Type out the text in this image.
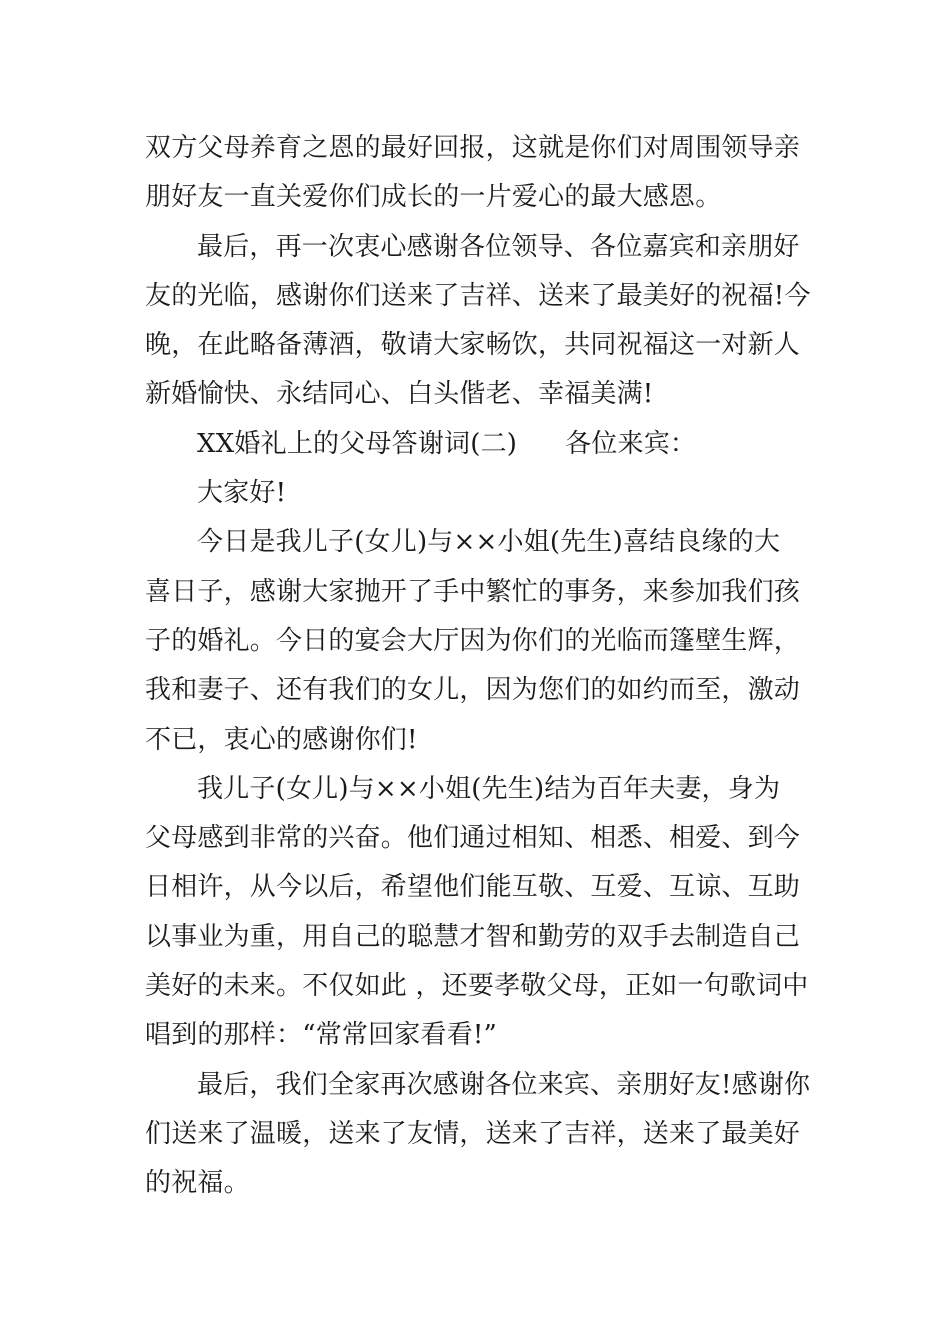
双方父母养育之恩的最好回报，这就是你们对周围领导亲
朋好友一直关爱你们成长的一片爱心的最大感恩。
最后，再一次衷心感谢各位领导、各位嘉宾和亲朋好
友的光临，感谢你们送来了吉祥、送来了最美好的祝福!今
晚，在此略备薄酒，敬请大家畅饮，共同祝福这一对新人
新婚愉快、永结同心、白头偕老、幸福美满!
XX婚礼上的父母答谢词(二) 各位来宾：
大家好!
今日是我儿子(女儿)与××小姐(先生)喜结良缘的大
喜日子，感谢大家抛开了手中繁忙的事务，来参加我们孩
子的婚礼。今日的宴会大厅因为你们的光临而篷壁生辉，
我和妻子、还有我们的女儿，因为您们的如约而至，激动
不已，衷心的感谢你们!
我儿子(女儿)与××小姐(先生)结为百年夫妻，身为
父母感到非常的兴奋。他们通过相知、相悉、相爱、到今
日相许，从今以后，希望他们能互敬、互爱、互谅、互助
以事业为重，用自己的聪慧才智和勤劳的双手去制造自己
美好的未来。不仅如此 ，还要孝敬父母，正如一句歌词中
唱到的那样：“常常回家看看!”
最后，我们全家再次感谢各位来宾、亲朋好友!感谢你
们送来了温暖，送来了友情，送来了吉祥，送来了最美好
的祝福。
